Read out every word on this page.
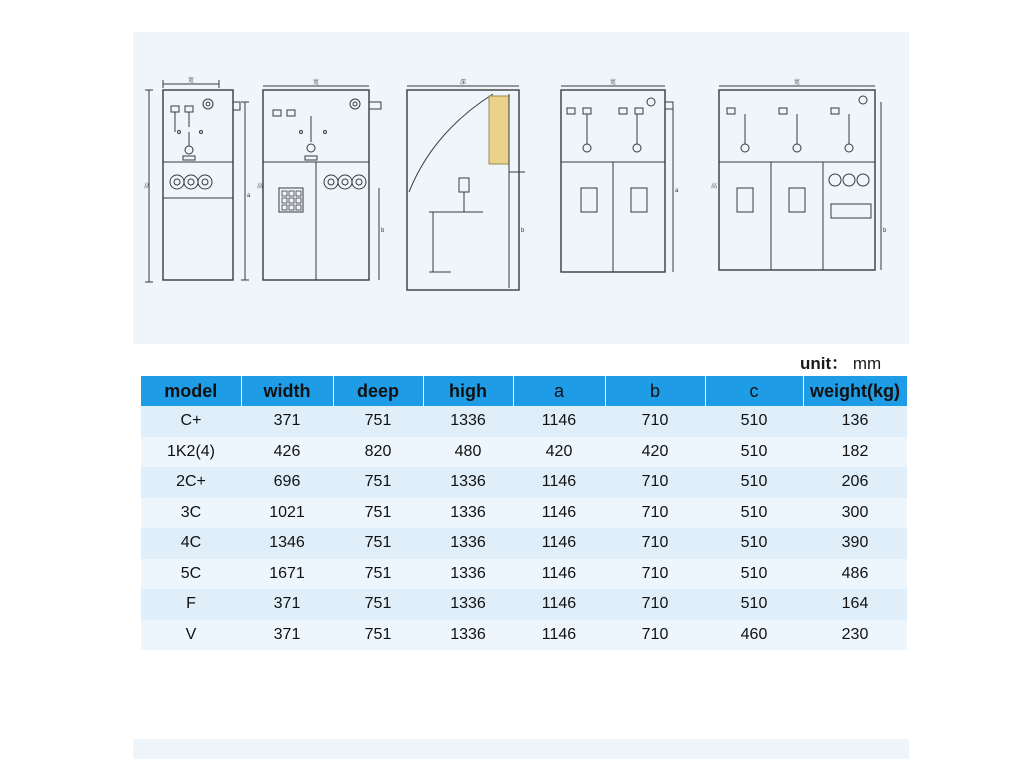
宽
高
a
宽
b
高
深
b
宽
a
宽
b
高
unit： mm
model	width	deep	high	a	b	c	weight(kg)
C+	371	751	1336	1146	710	510	136
1K2(4)	426	820	480	420	420	510	182
2C+	696	751	1336	1146	710	510	206
3C	1021	751	1336	1146	710	510	300
4C	1346	751	1336	1146	710	510	390
5C	1671	751	1336	1146	710	510	486
F	371	751	1336	1146	710	510	164
V	371	751	1336	1146	710	460	230
